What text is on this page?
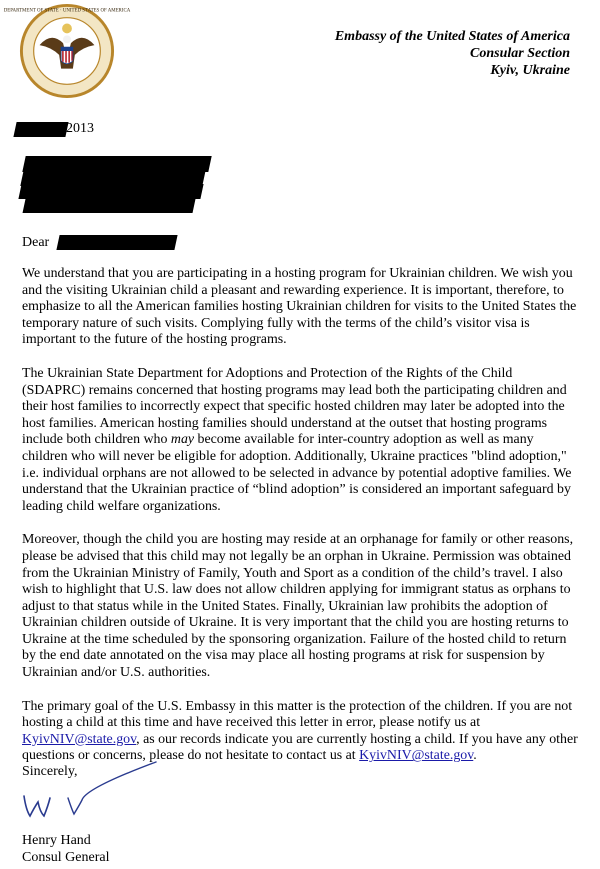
DEPARTMENT OF STATE · UNITED STATES OF AMERICA
Embassy of the United States of America
Consular Section
Kyiv, Ukraine
2013
Dear

We understand that you are participating in a hosting program for Ukrainian children. We wish you and the visiting Ukrainian child a pleasant and rewarding experience. It is important, therefore, to emphasize to all the American families hosting Ukrainian children for visits to the United States the temporary nature of such visits. Complying fully with the terms of the child’s visitor visa is important to the future of the hosting programs.

The Ukrainian State Department for Adoptions and Protection of the Rights of the Child (SDAPRC) remains concerned that hosting programs may lead both the participating children and their host families to incorrectly expect that specific hosted children may later be adopted into the host families. American hosting families should understand at the outset that hosting programs include both children who may become available for inter-country adoption as well as many children who will never be eligible for adoption. Additionally, Ukraine practices "blind adoption," i.e. individual orphans are not allowed to be selected in advance by potential adoptive families. We understand that the Ukrainian practice of “blind adoption” is considered an important safeguard by leading child welfare organizations.

Moreover, though the child you are hosting may reside at an orphanage for family or other reasons, please be advised that this child may not legally be an orphan in Ukraine. Permission was obtained from the Ukrainian Ministry of Family, Youth and Sport as a condition of the child’s travel. I also wish to highlight that U.S. law does not allow children applying for immigrant status as orphans to adjust to that status while in the United States. Finally, Ukrainian law prohibits the adoption of Ukrainian children outside of Ukraine. It is very important that the child you are hosting returns to Ukraine at the time scheduled by the sponsoring organization. Failure of the hosted child to return by the end date annotated on the visa may place all hosting programs at risk for suspension by Ukrainian and/or U.S. authorities.

The primary goal of the U.S. Embassy in this matter is the protection of the children. If you are not hosting a child at this time and have received this letter in error, please notify us at KyivNIV@state.gov, as our records indicate you are currently hosting a child. If you have any other questions or concerns, please do not hesitate to contact us at KyivNIV@state.gov.

Sincerely,
Henry Hand
Consul General
